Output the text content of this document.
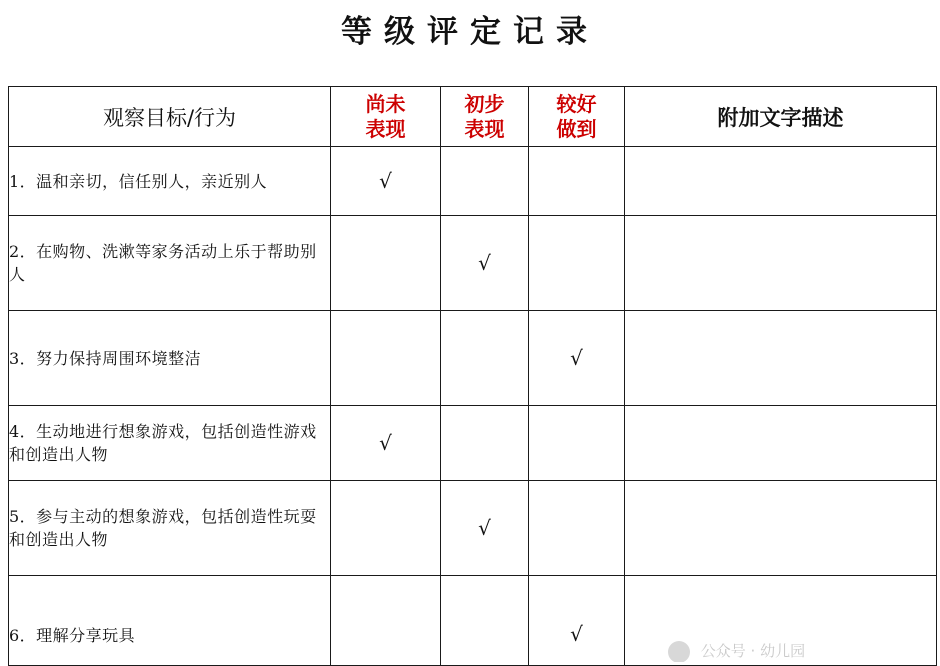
等级评定记录
观察目标/行为	尚未表现	初步表现	较好做到	附加文字描述
1．温和亲切，信任别人，亲近别人	√			
2．在购物、洗漱等家务活动上乐于帮助别人		√		
3．努力保持周围环境整洁			√	
4．生动地进行想象游戏，包括创造性游戏和创造出人物	√			
5．参与主动的想象游戏，包括创造性玩耍和创造出人物		√		
6．理解分享玩具			√	
公众号 · 幼儿园
